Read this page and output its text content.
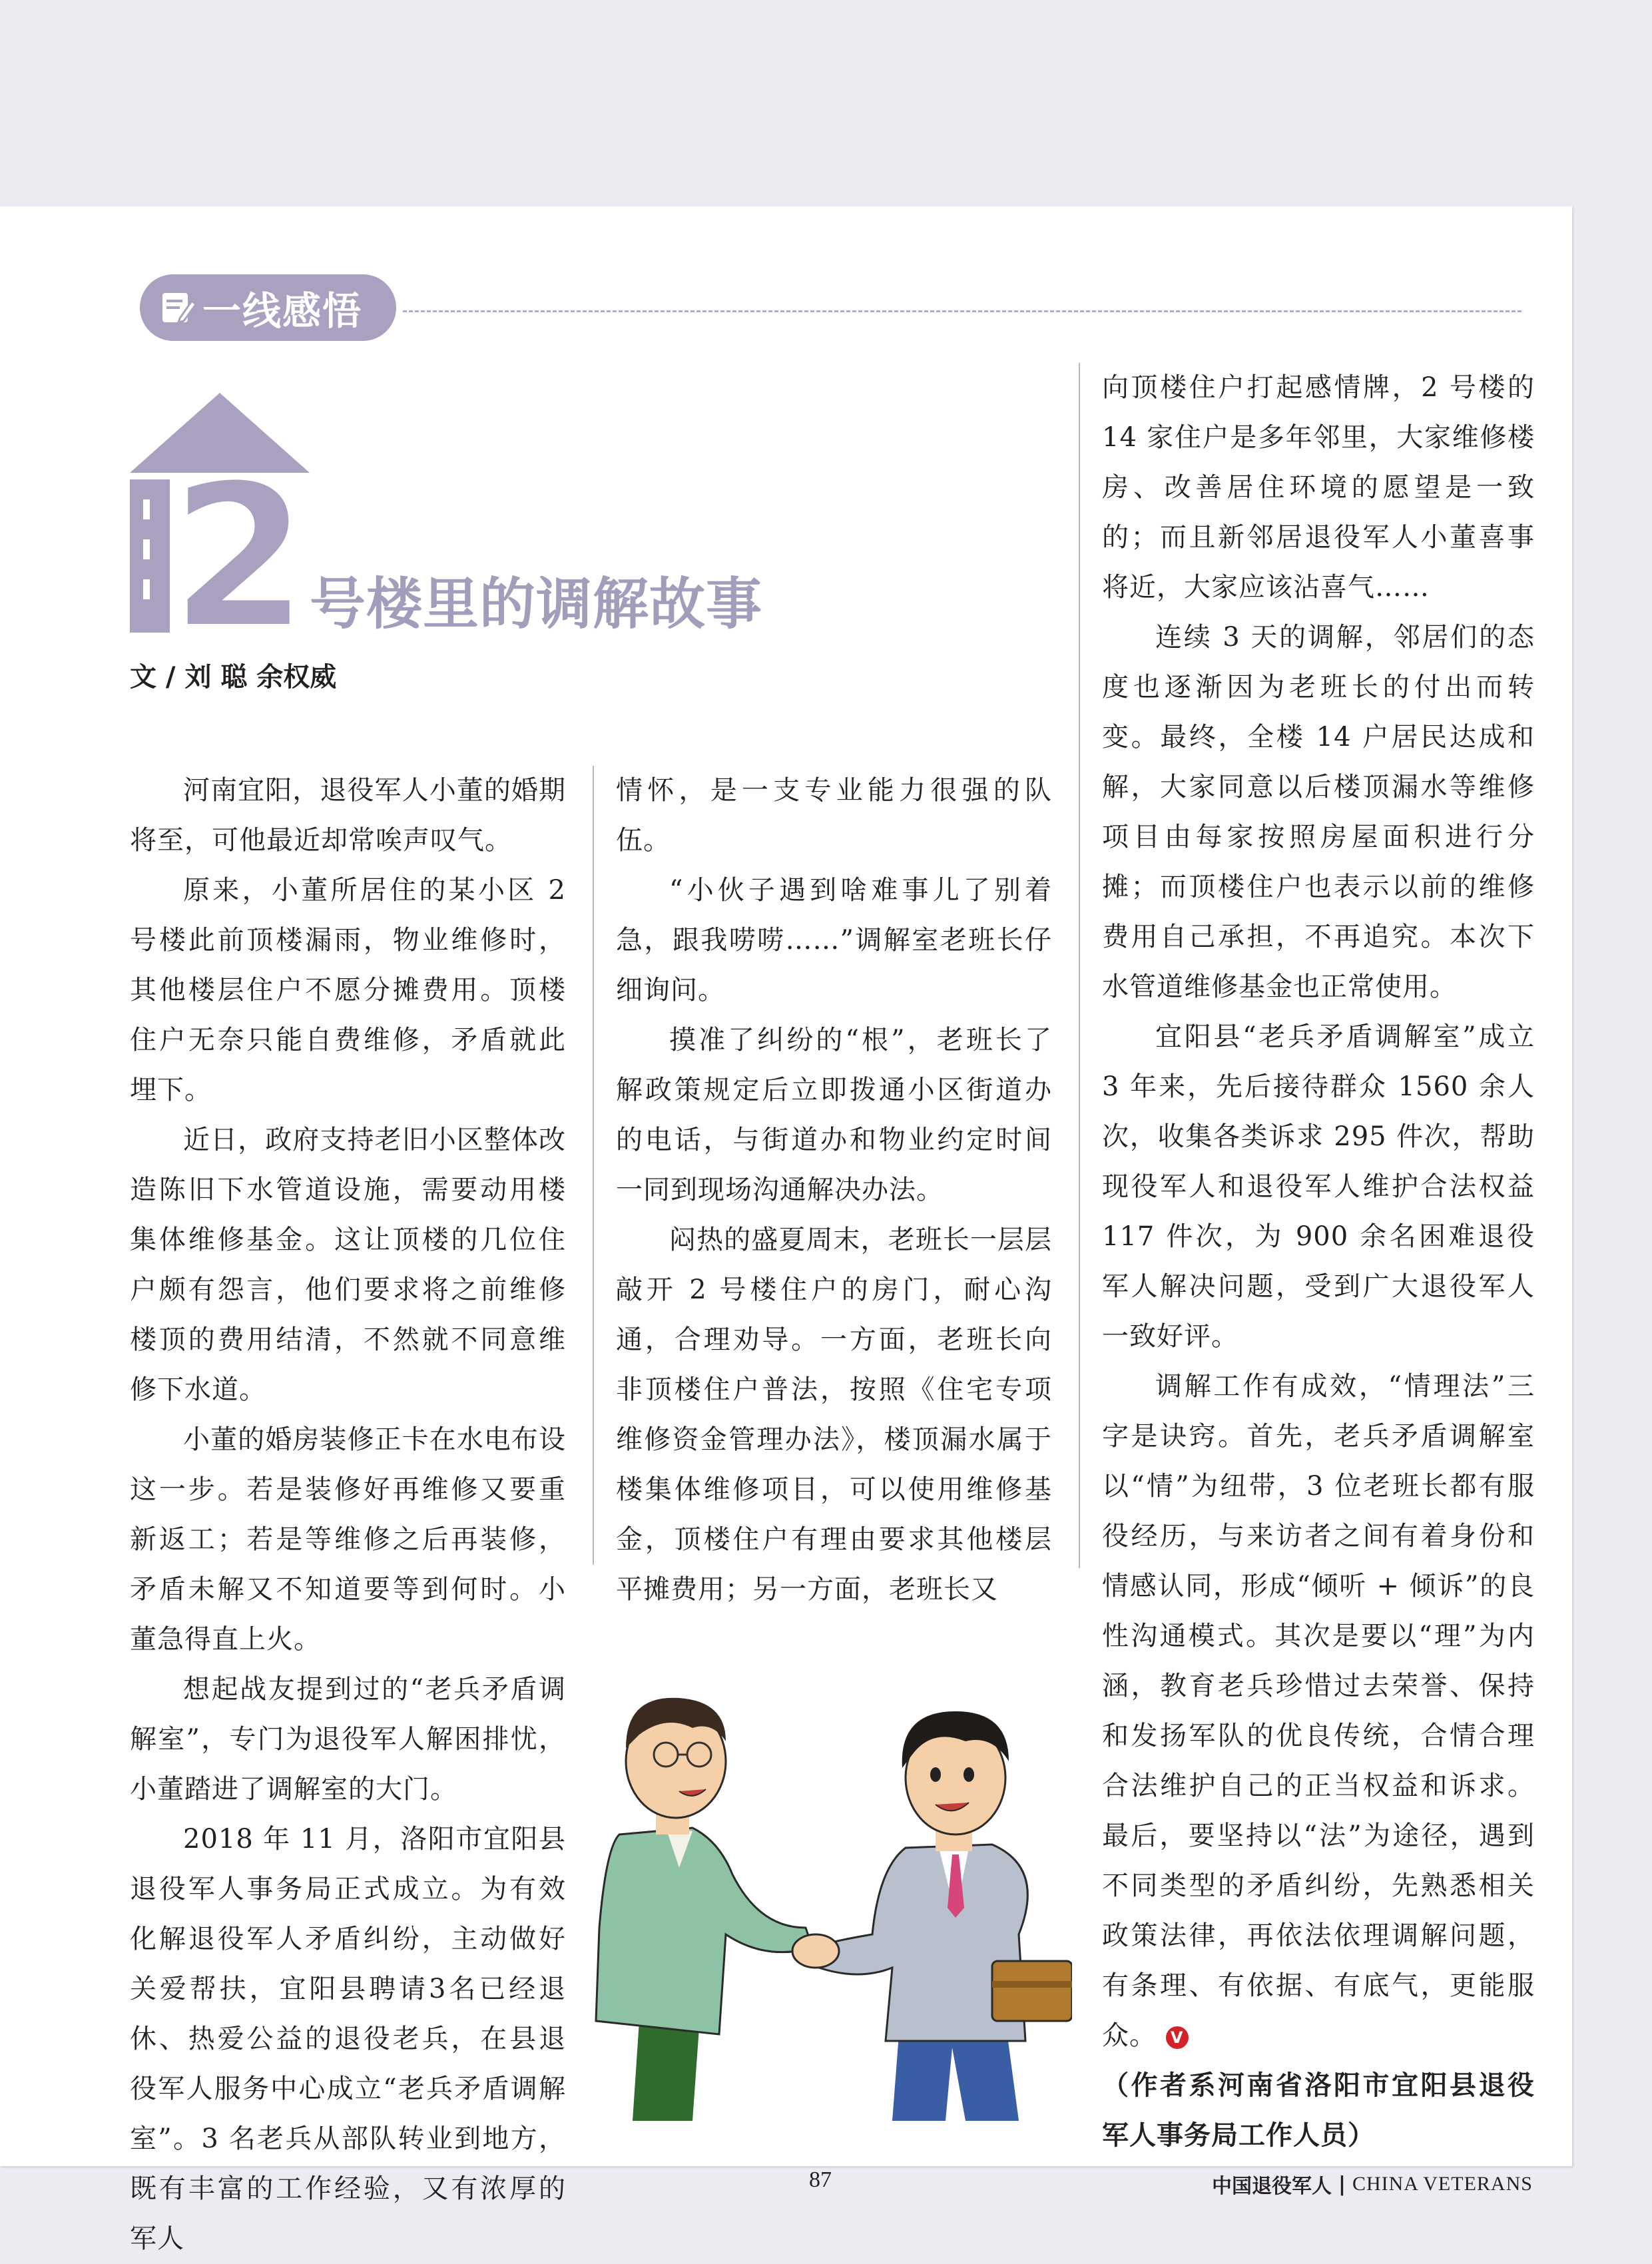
一线感悟
2 号楼里的调解故事
文 / 刘 聪 余权威

河南宜阳，退役军人小董的婚期将至，可他最近却常唉声叹气。

原来，小董所居住的某小区 2 号楼此前顶楼漏雨，物业维修时，其他楼层住户不愿分摊费用。顶楼住户无奈只能自费维修，矛盾就此埋下。

近日，政府支持老旧小区整体改造陈旧下水管道设施，需要动用楼集体维修基金。这让顶楼的几位住户颇有怨言，他们要求将之前维修楼顶的费用结清，不然就不同意维修下水道。

小董的婚房装修正卡在水电布设这一步。若是装修好再维修又要重新返工；若是等维修之后再装修，矛盾未解又不知道要等到何时。小董急得直上火。

想起战友提到过的“老兵矛盾调解室”，专门为退役军人解困排忧，小董踏进了调解室的大门。

2018 年 11 月，洛阳市宜阳县退役军人事务局正式成立。为有效化解退役军人矛盾纠纷，主动做好关爱帮扶，宜阳县聘请3名已经退休、热爱公益的退役老兵，在县退役军人服务中心成立“老兵矛盾调解室”。3 名老兵从部队转业到地方，既有丰富的工作经验，又有浓厚的军人

情怀，是一支专业能力很强的队伍。

“小伙子遇到啥难事儿了别着急，跟我唠唠……”调解室老班长仔细询问。

摸准了纠纷的“根”，老班长了解政策规定后立即拨通小区街道办的电话，与街道办和物业约定时间一同到现场沟通解决办法。

闷热的盛夏周末，老班长一层层敲开 2 号楼住户的房门，耐心沟通，合理劝导。一方面，老班长向非顶楼住户普法，按照《住宅专项维修资金管理办法》，楼顶漏水属于楼集体维修项目，可以使用维修基金，顶楼住户有理由要求其他楼层平摊费用；另一方面，老班长又

向顶楼住户打起感情牌，2 号楼的 14 家住户是多年邻里，大家维修楼房、改善居住环境的愿望是一致的；而且新邻居退役军人小董喜事将近，大家应该沾喜气……

连续 3 天的调解，邻居们的态度也逐渐因为老班长的付出而转变。最终，全楼 14 户居民达成和解，大家同意以后楼顶漏水等维修项目由每家按照房屋面积进行分摊；而顶楼住户也表示以前的维修费用自己承担，不再追究。本次下水管道维修基金也正常使用。

宜阳县“老兵矛盾调解室”成立 3 年来，先后接待群众 1560 余人次，收集各类诉求 295 件次，帮助现役军人和退役军人维护合法权益 117 件次，为 900 余名困难退役军人解决问题，受到广大退役军人一致好评。

调解工作有成效，“情理法”三字是诀窍。首先，老兵矛盾调解室以“情”为纽带，3 位老班长都有服役经历，与来访者之间有着身份和情感认同，形成“倾听 + 倾诉”的良性沟通模式。其次是要以“理”为内涵，教育老兵珍惜过去荣誉、保持和发扬军队的优良传统，合情合理合法维护自己的正当权益和诉求。最后，要坚持以“法”为途径，遇到不同类型的矛盾纠纷，先熟悉相关政策法律，再依法依理调解问题，有条理、有依据、有底气，更能服众。 V

（作者系河南省洛阳市宜阳县退役军人事务局工作人员）

87	中国退役军人 | CHINA VETERANS
